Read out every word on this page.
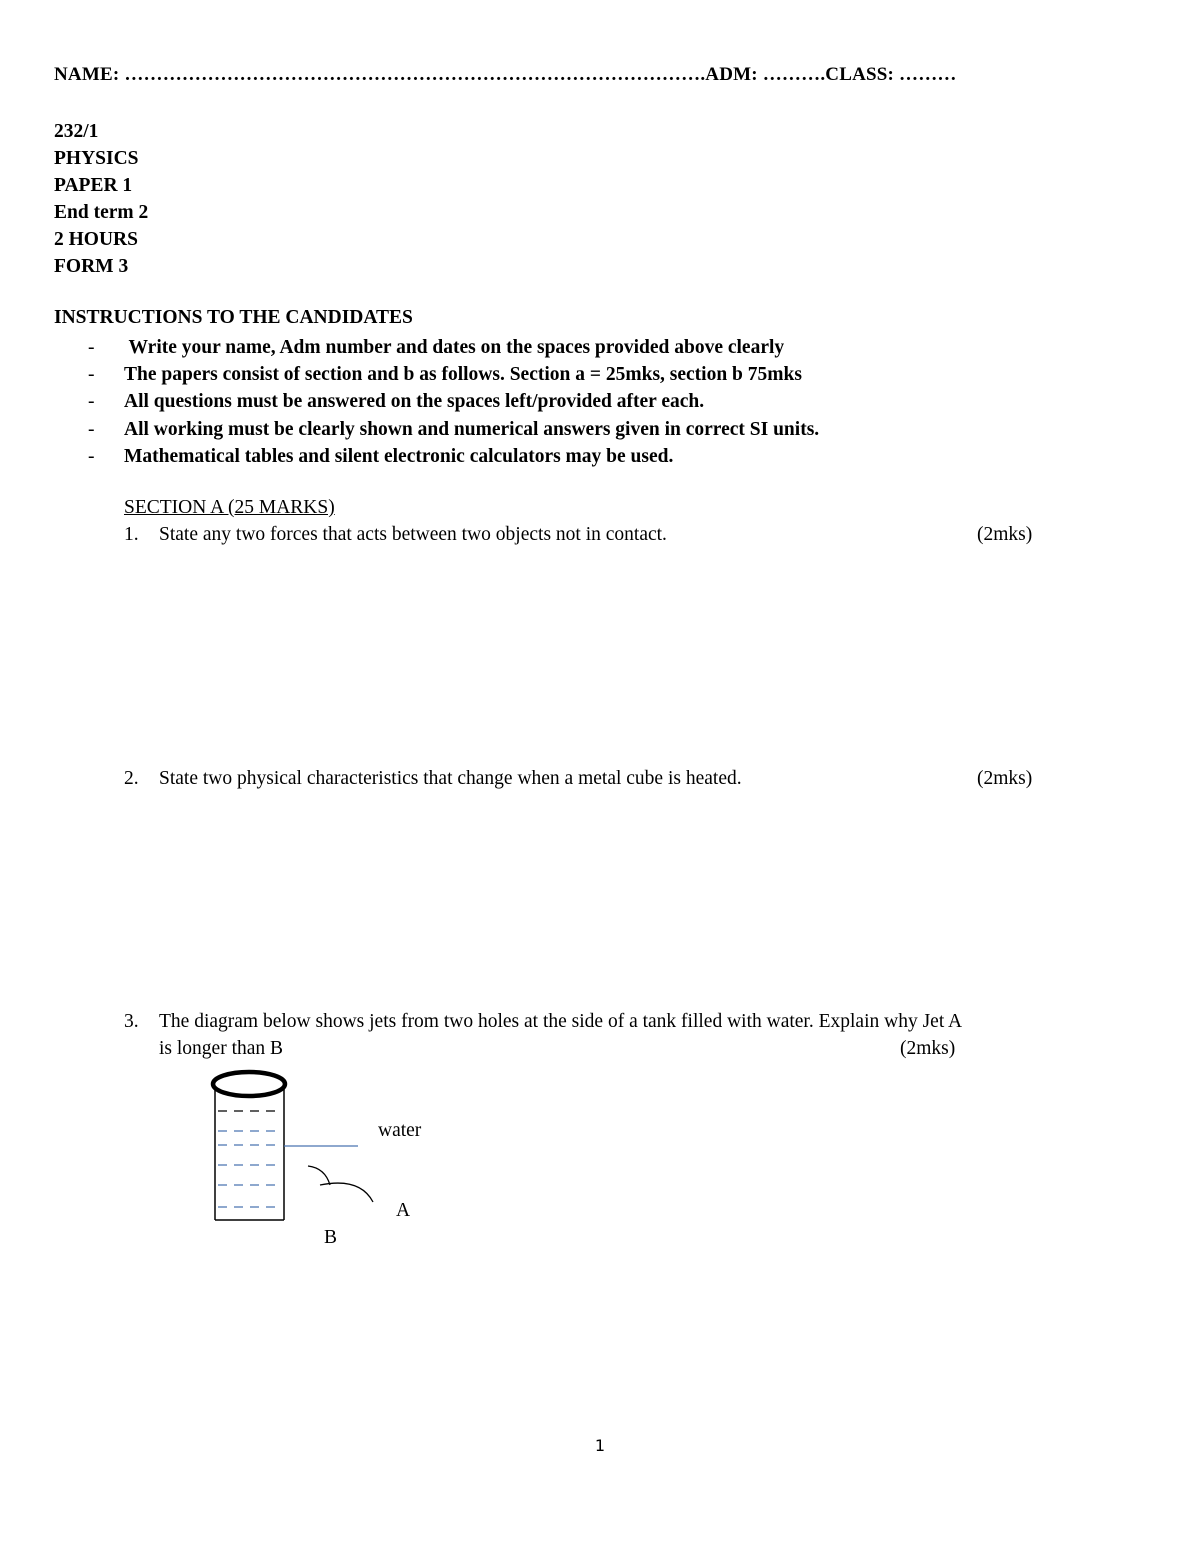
NAME: ……………………………………………………………………………….ADM: ……….CLASS: ………
232/1
PHYSICS
PAPER 1
End term 2
2 HOURS
FORM 3
INSTRUCTIONS TO THE CANDIDATES
- Write your name, Adm number and dates on the spaces provided above clearly
- The papers consist of section and b as follows. Section a = 25mks, section b 75mks
- All questions must be answered on the spaces left/provided after each.
- All working must be clearly shown and numerical answers given in correct SI units.
- Mathematical tables and silent electronic calculators may be used.
SECTION A (25 MARKS)
1. State any two forces that acts between two objects not in contact.	(2mks)
2. State two physical characteristics that change when a metal cube is heated.	(2mks)
3. The diagram below shows jets from two holes at the side of a tank filled with water. Explain why Jet A
is longer than B	(2mks)
water
A
B
1
